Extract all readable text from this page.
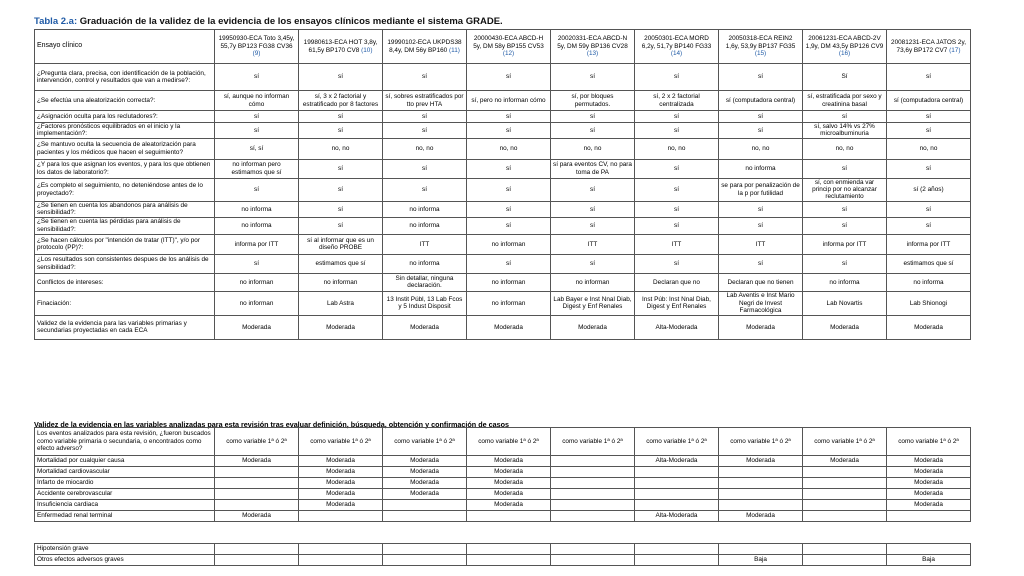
Tabla 2.a: Graduación de la validez de la evidencia de los ensayos clínicos mediante el sistema GRADE.
Ensayo clínico	19950930-ECA Toto 3,45y, 55,7y BP123 FG38 CV36 (9)	19980613-ECA HOT 3,8y, 61,5y BP170 CV8 (10)	19990102-ECA UKPDS38 8,4y, DM 56y BP160 (11)	20000430-ECA ABCD-H 5y, DM 58y BP155 CV53 (12)	20020331-ECA ABCD-N 5y, DM 59y BP136 CV28 (13)	20050301-ECA MORD 6,2y, 51,7y BP140 FG33 (14)	20050318-ECA REIN2 1,6y, 53,9y BP137 FG35 (15)	20061231-ECA ABCD-2V 1,9y, DM 43,5y BP126 CV9 (16)	20081231-ECA JATOS 2y, 73,6y BP172 CV7 (17)
¿Pregunta clara, precisa, con identificación de la población, intervención, control y resultados que van a medirse?:	sí	sí	sí	sí	sí	sí	sí	Sí	sí
¿Se efectúa una aleatorización correcta?:	sí, aunque no informan cómo	sí, 3 x 2 factorial y estratificado por 8 factores	sí, sobres estratificados por tto prev HTA	sí, pero no informan cómo	sí, por bloques permutados.	sí, 2 x 2 factorial centralizada	sí (computadora central)	sí, estratificada por sexo y creatinina basal	sí (computadora central)
¿Asignación oculta para los reclutadores?:	sí	sí	sí	sí	sí	sí	sí	sí	sí
¿Factores pronósticos equilibrados en el inicio y la implementación?:	sí	sí	sí	sí	sí	sí	sí	sí, salvo 14% vs 27% microalbuminuria	sí
¿Se mantuvo oculta la secuencia de aleatorización para pacientes y los médicos que hacen el seguimiento?	sí, sí	no, no	no, no	no, no	no, no	no, no	no, no	no, no	no, no
¿Y para los que asignan los eventos, y para los que obtienen los datos de laboratorio?:	no informan pero estimamos que sí	sí	sí	sí	sí para eventos CV, no para toma de PA	sí	no informa	sí	sí
¿Es completo el seguimiento, no deteniéndose antes de lo proyectado?:	sí	sí	sí	sí	sí	sí	se para por penalización de la p por futilidad	sí, con enmienda var princip por no alcanzar reclutamiento	sí (2 años)
¿Se tienen en cuenta los abandonos para análisis de sensibilidad?:	no informa	sí	no informa	sí	sí	sí	sí	sí	sí
¿Se tienen en cuenta las pérdidas para análisis de sensibilidad?:	no informa	sí	no informa	sí	sí	sí	sí	sí	sí
¿Se hacen cálculos por "intención de tratar (ITT)", y/o por protocolo (PP)?:	informa por ITT	sí al informar que es un diseño PROBE	ITT	no informan	ITT	ITT	ITT	informa por ITT	informa por ITT
¿Los resultados son consistentes despues de los análisis de sensibilidad?:	sí	estimamos que sí	no informa	sí	sí	sí	sí	sí	estimamos que sí
Conflictos de intereses:	no informan	no informan	Sin detallar, ninguna declaración.	no informan	no informan	Declaran que no	Declaran que no tienen	no informa	no informa
Finaciación:	no informan	Lab Astra	13 Instit Públ, 13 Lab Fcos y 5 Indust Disposit	no informan	Lab Bayer e Inst Nnal Diab, Digest y Enf Renales	Inst Púb: Inst Nnal Diab, Digest y Enf Renales	Lab Aventis e Inst Mario Negri de Invest Farmacológica	Lab Novartis	Lab Shionogi
Validez de la evidencia para las variables primarias y secundarias proyectadas en cada ECA	Moderada	Moderada	Moderada	Moderada	Moderada	Alta-Moderada	Moderada	Moderada	Moderada
Validez de la evidencia en las variables analizadas para esta revisión tras evaluar definición, búsqueda, obtención y confirmación de casos
Los eventos analizados para esta revisión, ¿fueron buscados como variable primaria o secundaria, o encontrados como efecto adverso?	como variable 1ª ó 2ª	como variable 1ª ó 2ª	como variable 1ª ó 2ª	como variable 1ª ó 2ª	como variable 1ª ó 2ª	como variable 1ª ó 2ª	como variable 1ª ó 2ª	como variable 1ª ó 2ª	como variable 1ª ó 2ª
Mortalidad por cualquier causa	Moderada	Moderada	Moderada	Moderada		Alta-Moderada	Moderada	Moderada	Moderada
Mortalidad cardiovascular		Moderada	Moderada	Moderada					Moderada
Infarto de miocardio		Moderada	Moderada	Moderada					Moderada
Accidente cerebrovascular		Moderada	Moderada	Moderada					Moderada
Insuficiencia cardiaca		Moderada		Moderada					Moderada
Enfermedad renal terminal	Moderada					Alta-Moderada	Moderada		
Hipotensión grave									
Otros efectos adversos graves							Baja		Baja
